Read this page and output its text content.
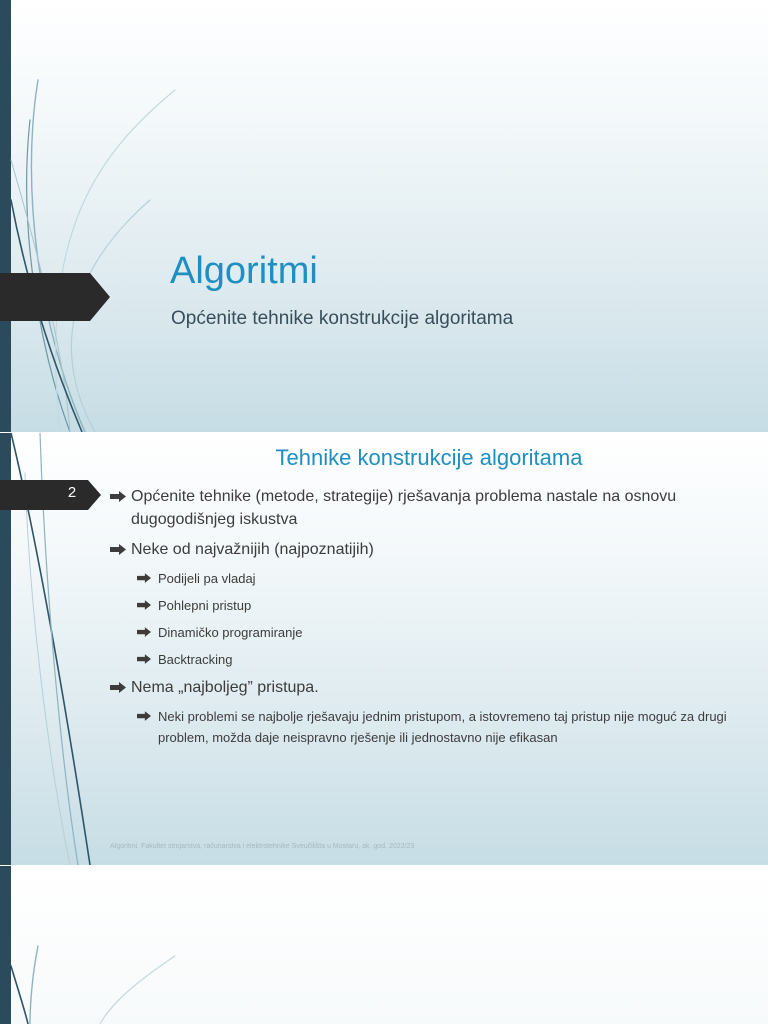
Algoritmi
Općenite tehnike konstrukcije algoritama
2
Tehnike konstrukcije algoritama
Općenite tehnike (metode, strategije) rješavanja problema nastale na osnovu dugogodišnjeg iskustva
Neke od najvažnijih (najpoznatijih)
Podijeli pa vladaj
Pohlepni pristup
Dinamičko programiranje
Backtracking
Nema „najboljeg” pristupa.
Neki problemi se najbolje rješavaju jednim pristupom, a istovremeno taj pristup nije moguć za drugi problem, možda daje neispravno rješenje ili jednostavno nije efikasan
Algoritmi, Fakultet strojarstva, računarstva i elektrotehnike Sveučilišta u Mostaru, ak. god. 2022/23
